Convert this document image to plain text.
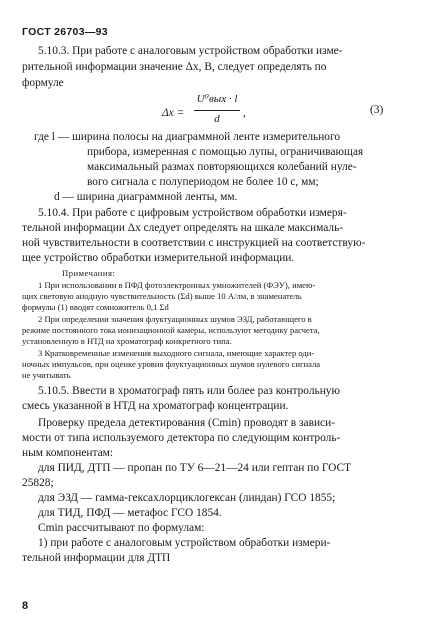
ГОСТ 26703—93
5.10.3. При работе с аналоговым устройством обработки изме-
рительной информации значение Δx, В, следует определять по
формуле
Δx =
U⁰вых · l
d	,	(3)
где l — ширина полосы на диаграммной ленте измерительного
прибора, измеренная с помощью лупы, ограничивающая
максимальный размах повторяющихся колебаний нуле-
вого сигнала с полупериодом не более 10 с, мм;
d — ширина диаграммной ленты, мм.
5.10.4. При работе с цифровым устройством обработки измеря-
тельной информации Δx следует определять на шкале максималь-
ной чувствительности в соответствии с инструкцией на соответствую-
щее устройство обработки измерительной информации.
Примечания:
1 При использовании в ПФД фотоэлектронных умножителей (ФЭУ), имею-
щих световую анодную чувствительность (Σd) выше 10 А/лм, в знаменатель
формулы (1) вводят сомножитель 0,1 Σd
2 При определении значения флуктуационных шумов ЭЗД, работающего в
режиме постоянного тока ионизационной камеры, используют методику расчета,
установленную в НТД на хроматограф конкретного типа.
3 Кратковременные изменения выходного сигнала, имеющие характер оди-
ночных импульсов, при оценке уровня флуктуационных шумов нулевого сигнала
не учитывать
5.10.5. Ввести в хроматограф пять или более раз контрольную
смесь указанной в НТД на хроматограф концентрации.
Проверку предела детектирования (Cmin) проводят в зависи-
мости от типа используемого детектора по следующим контроль-
ным компонентам:
для ПИД, ДТП — пропан по ТУ 6—21—24 или гептан по ГОСТ
25828;
для ЭЗД — гамма-гексахлорциклогексан (линдан) ГСО 1855;
для ТИД, ПФД — метафос ГСО 1854.
Cmin рассчитывают по формулам:
1) при работе с аналоговым устройством обработки измери-
тельной информации для ДТП
8
